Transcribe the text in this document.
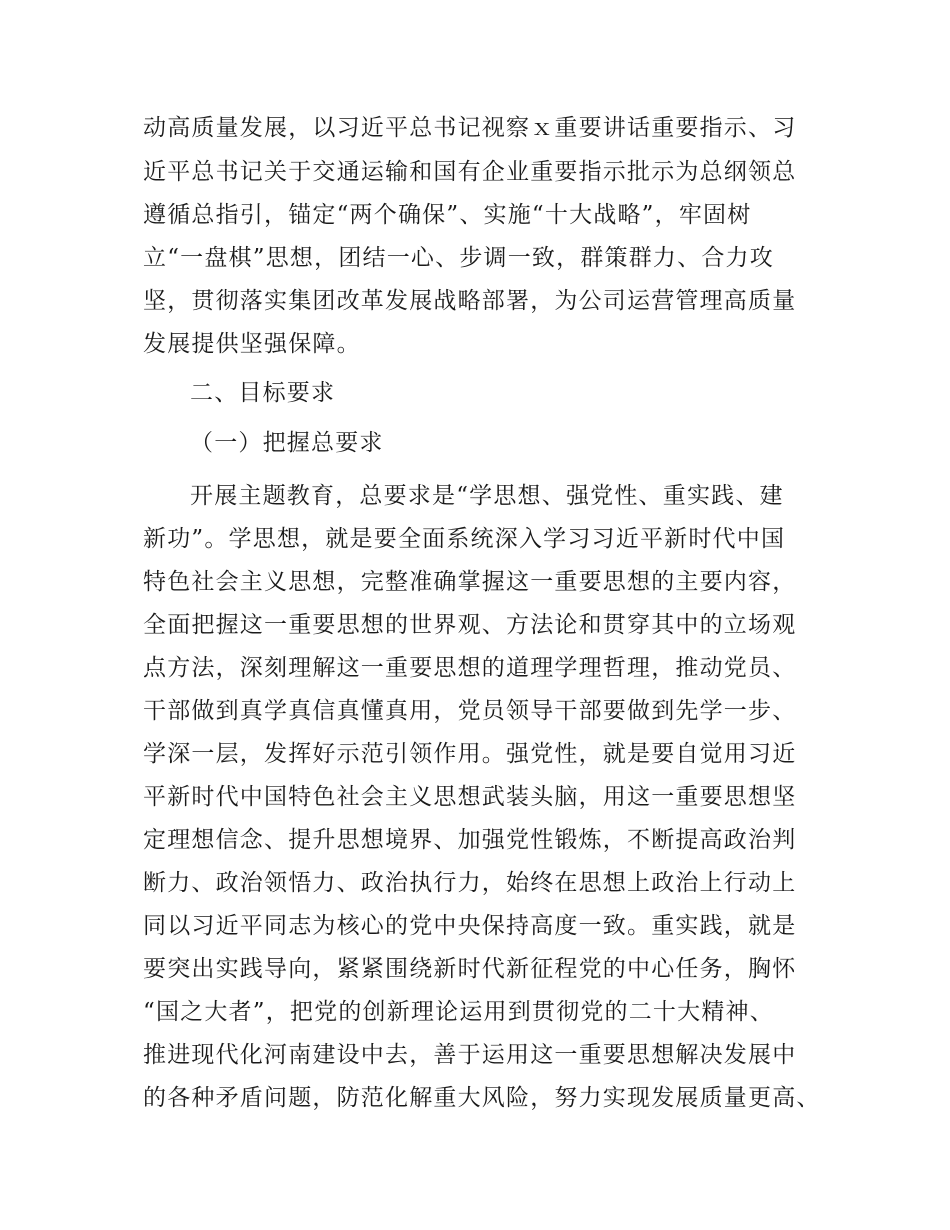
动高质量发展，以习近平总书记视察ｘ重要讲话重要指示、习
近平总书记关于交通运输和国有企业重要指示批示为总纲领总
遵循总指引，锚定“两个确保”、实施“十大战略”，牢固树
立“一盘棋”思想，团结一心、步调一致，群策群力、合力攻
坚，贯彻落实集团改革发展战略部署，为公司运营管理高质量
发展提供坚强保障。
二、目标要求
（一）把握总要求
开展主题教育，总要求是“学思想、强党性、重实践、建
新功”。学思想，就是要全面系统深入学习习近平新时代中国
特色社会主义思想，完整准确掌握这一重要思想的主要内容，
全面把握这一重要思想的世界观、方法论和贯穿其中的立场观
点方法，深刻理解这一重要思想的道理学理哲理，推动党员、
干部做到真学真信真懂真用，党员领导干部要做到先学一步、
学深一层，发挥好示范引领作用。强党性，就是要自觉用习近
平新时代中国特色社会主义思想武装头脑，用这一重要思想坚
定理想信念、提升思想境界、加强党性锻炼，不断提高政治判
断力、政治领悟力、政治执行力，始终在思想上政治上行动上
同以习近平同志为核心的党中央保持高度一致。重实践，就是
要突出实践导向，紧紧围绕新时代新征程党的中心任务，胸怀
“国之大者”，把党的创新理论运用到贯彻党的二十大精神、
推进现代化河南建设中去，善于运用这一重要思想解决发展中
的各种矛盾问题，防范化解重大风险，努力实现发展质量更高、
